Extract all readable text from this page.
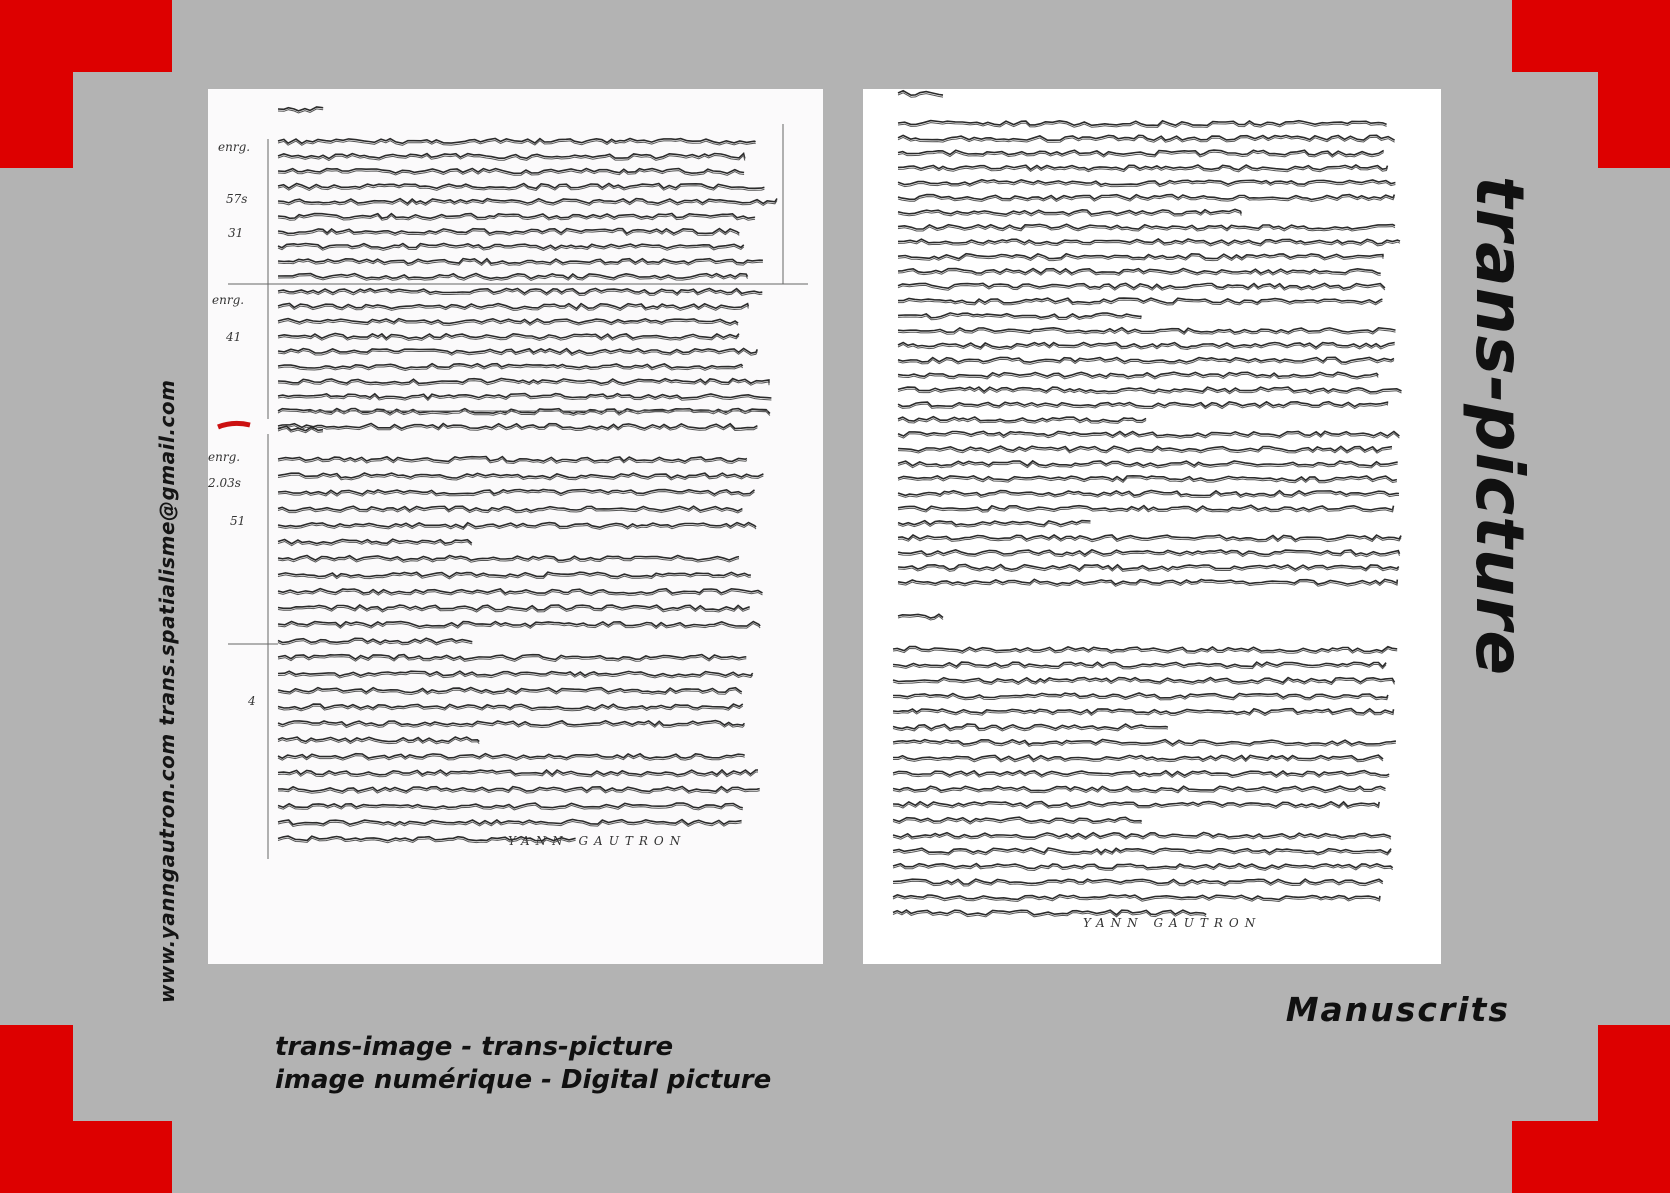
www.yanngautron.com trans.spatialisme@gmail.com
enrg.
57s
31
enrg.
41
enrg.
2.03s
51
4
YANN GAUTRON
YANN GAUTRON
trans-picture
Manuscrits
trans-image - trans-picture
image numérique - Digital picture
